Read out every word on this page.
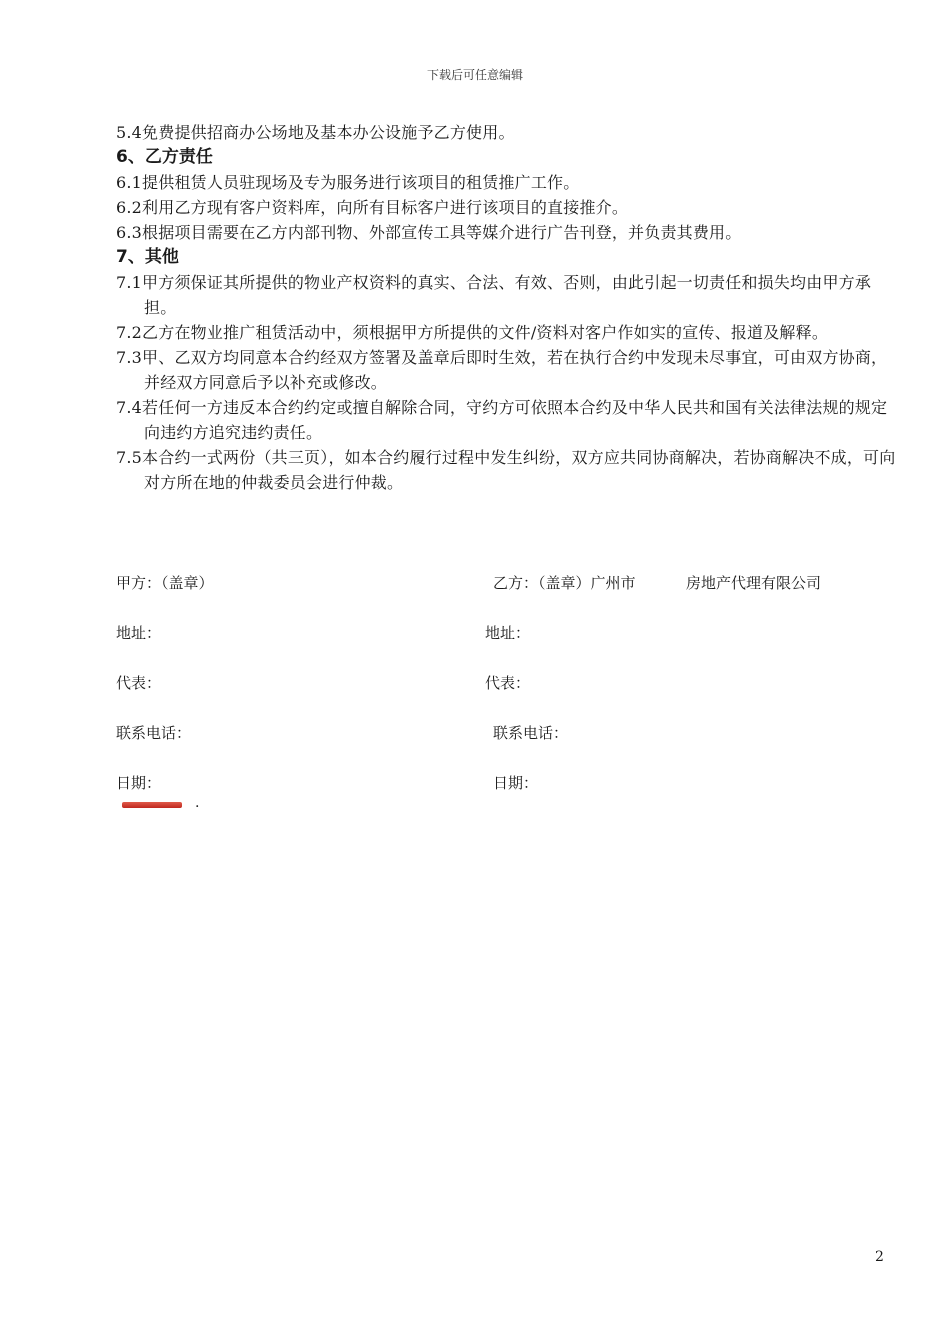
下载后可任意编辑
5.4免费提供招商办公场地及基本办公设施予乙方使用。
6、乙方责任
6.1提供租赁人员驻现场及专为服务进行该项目的租赁推广工作。
6.2利用乙方现有客户资料库，向所有目标客户进行该项目的直接推介。
6.3根据项目需要在乙方内部刊物、外部宣传工具等媒介进行广告刊登，并负责其费用。
7、其他
7.1甲方须保证其所提供的物业产权资料的真实、合法、有效、否则，由此引起一切责任和损失均由甲方承担。
7.2乙方在物业推广租赁活动中，须根据甲方所提供的文件/资料对客户作如实的宣传、报道及解释。
7.3甲、乙双方均同意本合约经双方签署及盖章后即时生效，若在执行合约中发现未尽事宜，可由双方协商，并经双方同意后予以补充或修改。
7.4若任何一方违反本合约约定或擅自解除合同，守约方可依照本合约及中华人民共和国有关法律法规的规定向违约方追究违约责任。
7.5本合约一式两份（共三页），如本合约履行过程中发生纠纷，双方应共同协商解决，若协商解决不成，可向对方所在地的仲裁委员会进行仲裁。
甲方：（盖章）	乙方：（盖章）广州市	房地产代理有限公司
地址：	地址：
代表：	代表：
联系电话：	联系电话：
日期：	日期：
.
2
